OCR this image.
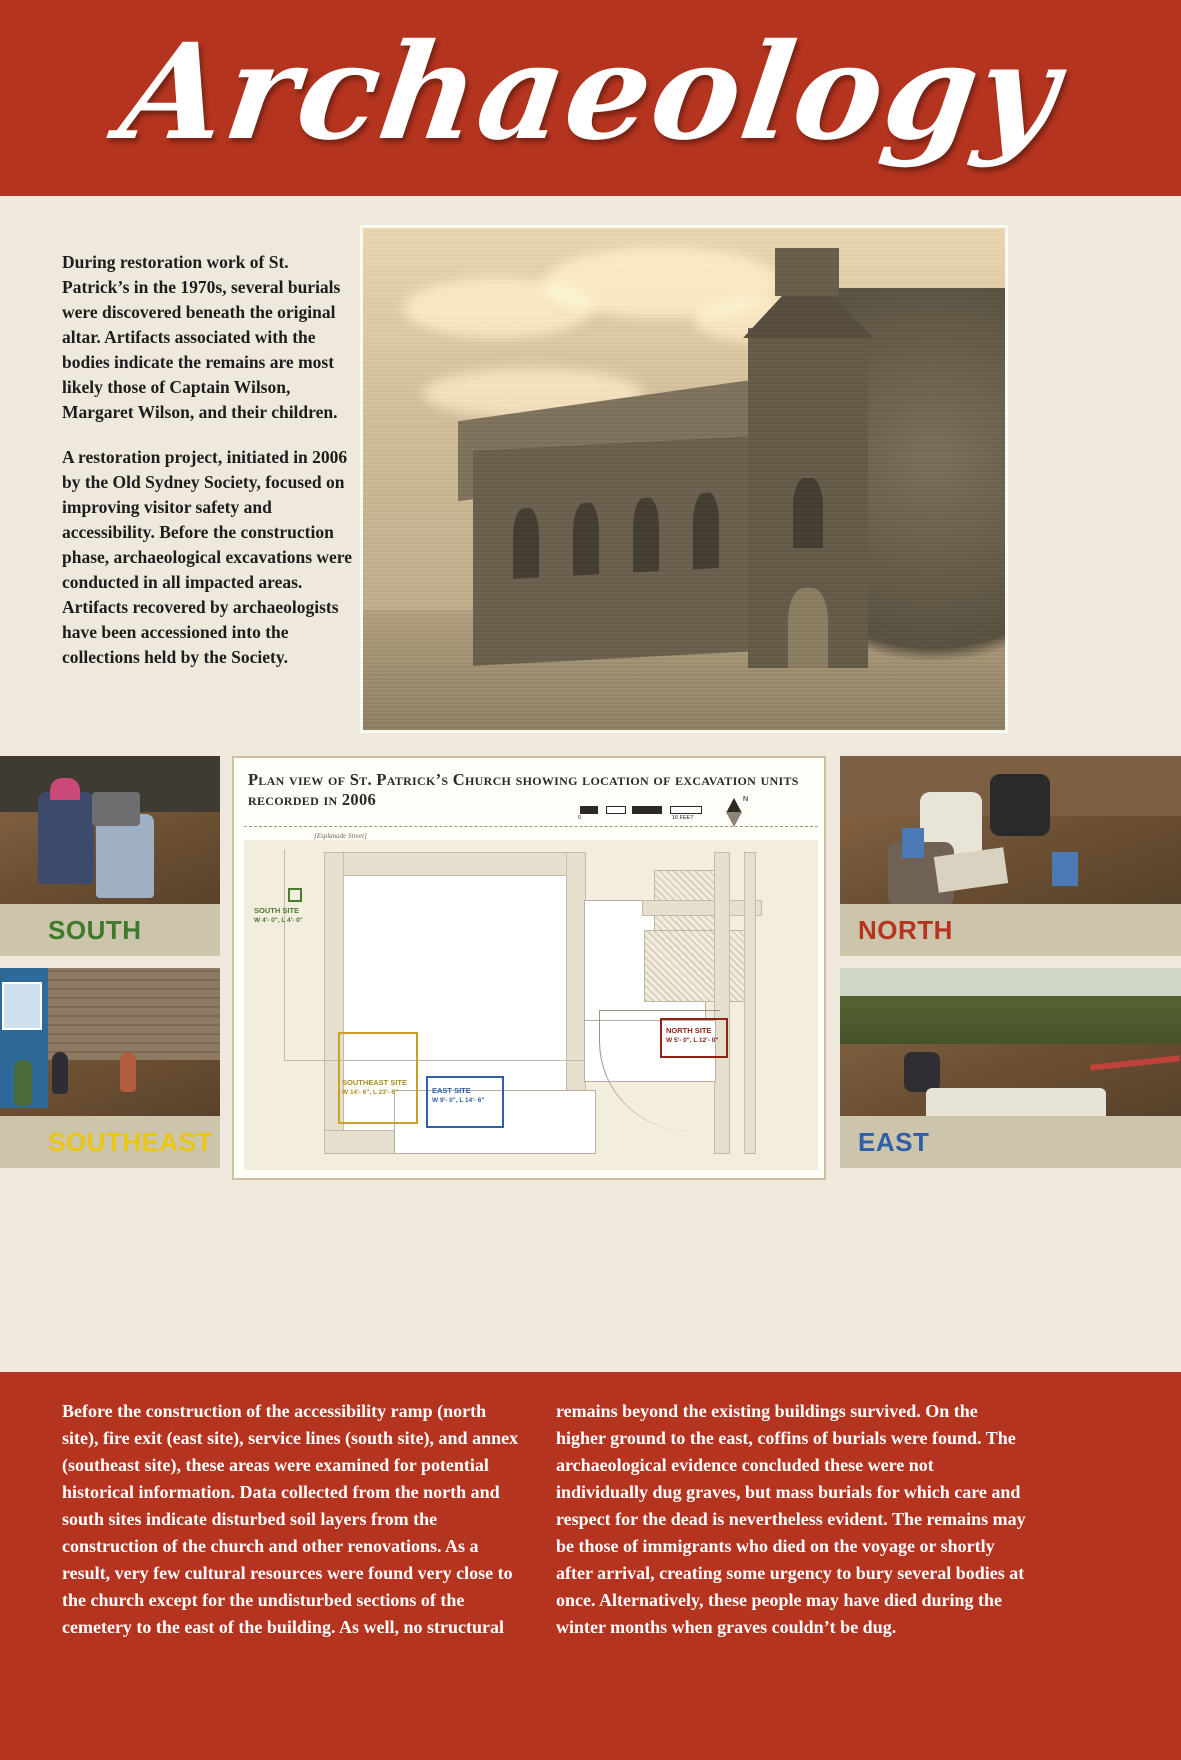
Archaeology

During restoration work of St. Patrick’s in the 1970s, several burials were discovered beneath the original altar. Artifacts associated with the bodies indicate the remains are most likely those of Captain Wilson, Margaret Wilson, and their children.

A restoration project, initiated in 2006 by the Old Sydney Society, focused on improving visitor safety and accessibility. Before the construction phase, archaeological excavations were conducted in all impacted areas. Artifacts recovered by archaeologists have been accessioned into the collections held by the Society.

SOUTH
SOUTHEAST
NORTH
EAST
Plan view of St. Patrick’s Church showing location of excavation units recorded in 2006
0	16 FEET
N
[Esplanade Street]
SOUTH SITE
W 4'- 0", L 4'- 0"
SOUTHEAST SITE
W 14'- 6", L 23'- 6"	EAST SITE
W 9'- 0", L 14'- 6"
NORTH SITE
W 5'- 0", L 12'- 0"
Before the construction of the accessibility ramp (north site), fire exit (east site), service lines (south site), and annex (southeast site), these areas were examined for potential historical information. Data collected from the north and south sites indicate disturbed soil layers from the construction of the church and other renovations. As a result, very few cultural resources were found very close to the church except for the undisturbed sections of the cemetery to the east of the building. As well, no structural
remains beyond the existing buildings survived. On the higher ground to the east, coffins of burials were found. The archaeological evidence concluded these were not individually dug graves, but mass burials for which care and respect for the dead is nevertheless evident. The remains may be those of immigrants who died on the voyage or shortly after arrival, creating some urgency to bury several bodies at once. Alternatively, these people may have died during the winter months when graves couldn’t be dug.
